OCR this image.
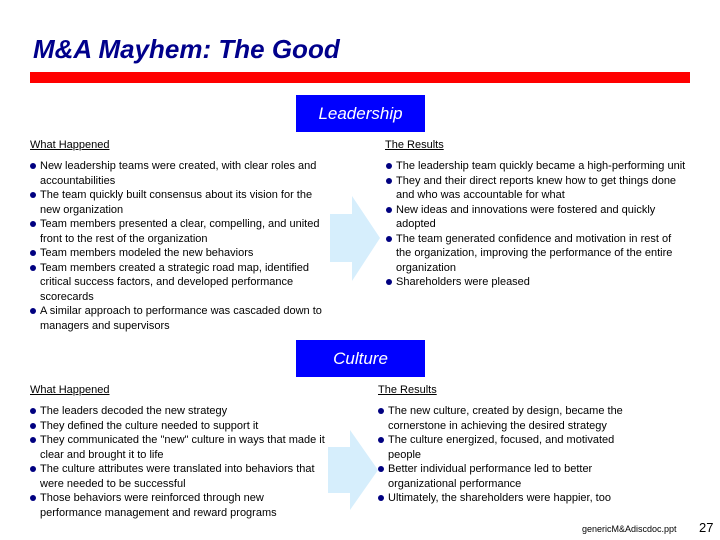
M&A Mayhem: The Good
Leadership
What Happened	The Results
New leadership teams were created, with clear roles and accountabilities
The team quickly built consensus about its vision for the new organization
Team members presented a clear, compelling, and united front to the rest of the organization
Team members modeled the new behaviors
Team members created a strategic road map, identified critical success factors, and developed performance scorecards
A similar approach to performance was cascaded down to managers and supervisors
The leadership team quickly became a high-performing unit
They and their direct reports knew how to get things done and who was accountable for what
New ideas and innovations were fostered and quickly adopted
The team generated confidence and motivation in rest of the organization, improving the performance of the entire organization
Shareholders were pleased
Culture
What Happened	The Results
The leaders decoded the new strategy
They defined the culture needed to support it
They communicated the "new" culture in ways that made it clear and brought it to life
The culture attributes were translated into behaviors that were needed to be successful
Those behaviors were reinforced through new performance management and reward programs
The new culture, created by design, became the cornerstone in achieving the desired strategy
The culture energized, focused, and motivated people
Better individual performance led to better organizational performance
Ultimately, the shareholders were happier, too
genericM&Adiscdoc.ppt 27
